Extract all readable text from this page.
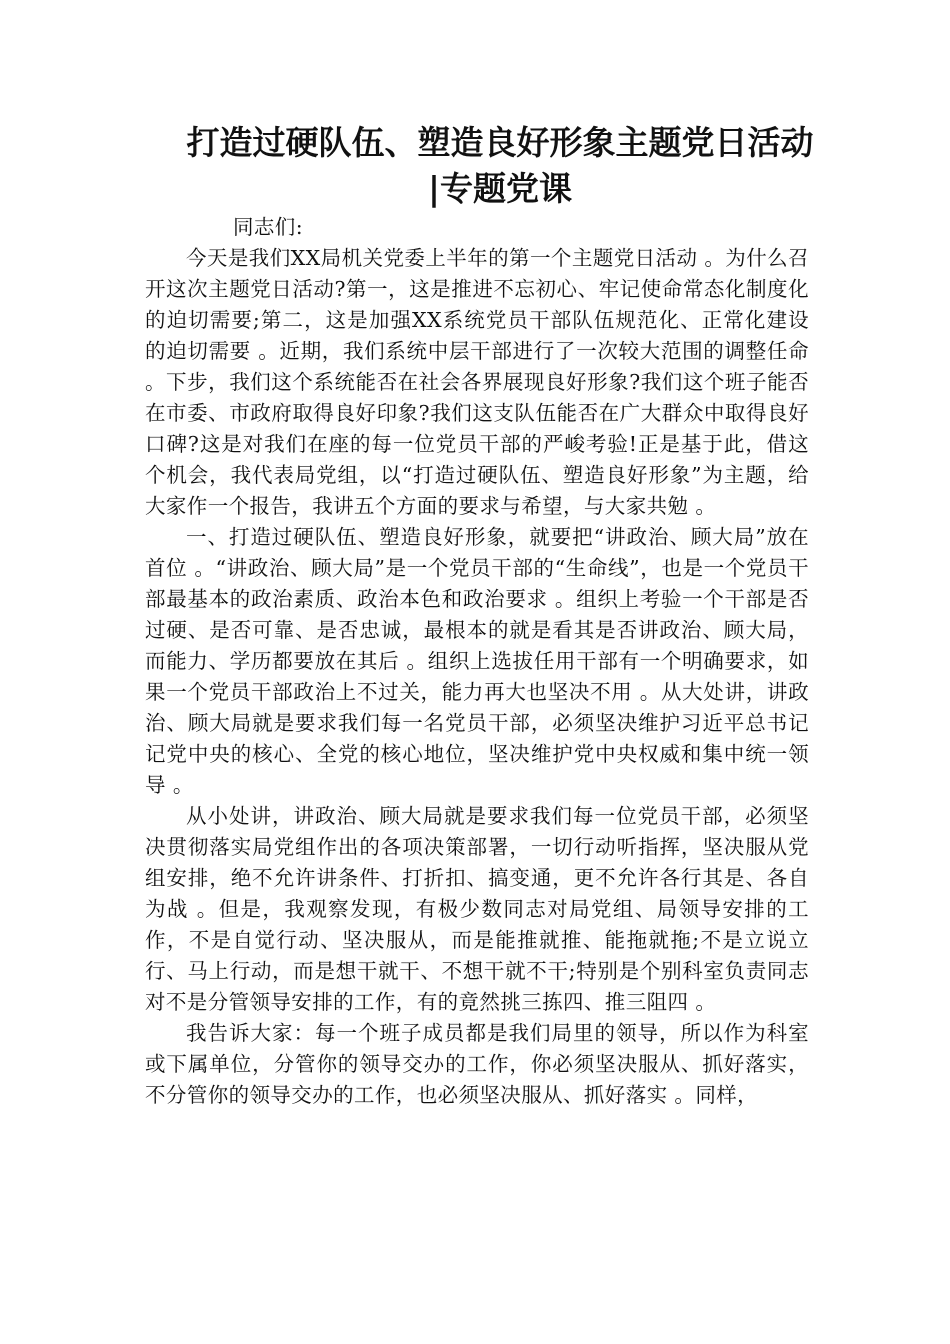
打造过硬队伍、塑造良好形象主题党日活动
|专题党课

同志们:

今天是我们XX局机关党委上半年的第一个主题党日活动 。为什么召开这次主题党日活动?第一，这是推进不忘初心、牢记使命常态化制度化的迫切需要;第二，这是加强XX系统党员干部队伍规范化、正常化建设的迫切需要 。近期，我们系统中层干部进行了一次较大范围的调整任命 。下步，我们这个系统能否在社会各界展现良好形象?我们这个班子能否在市委、市政府取得良好印象?我们这支队伍能否在广大群众中取得良好口碑?这是对我们在座的每一位党员干部的严峻考验!正是基于此，借这个机会，我代表局党组，以“打造过硬队伍、塑造良好形象”为主题，给大家作一个报告，我讲五个方面的要求与希望，与大家共勉 。

一、打造过硬队伍、塑造良好形象，就要把“讲政治、顾大局”放在首位 。“讲政治、顾大局”是一个党员干部的“生命线”，也是一个党员干部最基本的政治素质、政治本色和政治要求 。组织上考验一个干部是否过硬、是否可靠、是否忠诚，最根本的就是看其是否讲政治、顾大局，而能力、学历都要放在其后 。组织上选拔任用干部有一个明确要求，如果一个党员干部政治上不过关，能力再大也坚决不用 。从大处讲，讲政治、顾大局就是要求我们每一名党员干部，必须坚决维护习近平总书记记党中央的核心、全党的核心地位，坚决维护党中央权威和集中统一领导 。

从小处讲，讲政治、顾大局就是要求我们每一位党员干部，必须坚决贯彻落实局党组作出的各项决策部署，一切行动听指挥，坚决服从党组安排，绝不允许讲条件、打折扣、搞变通，更不允许各行其是、各自为战 。但是，我观察发现，有极少数同志对局党组、局领导安排的工作，不是自觉行动、坚决服从，而是能推就推、能拖就拖;不是立说立行、马上行动，而是想干就干、不想干就不干;特别是个别科室负责同志对不是分管领导安排的工作，有的竟然挑三拣四、推三阻四 。

我告诉大家：每一个班子成员都是我们局里的领导，所以作为科室或下属单位，分管你的领导交办的工作，你必须坚决服从、抓好落实，不分管你的领导交办的工作，也必须坚决服从、抓好落实 。同样，
